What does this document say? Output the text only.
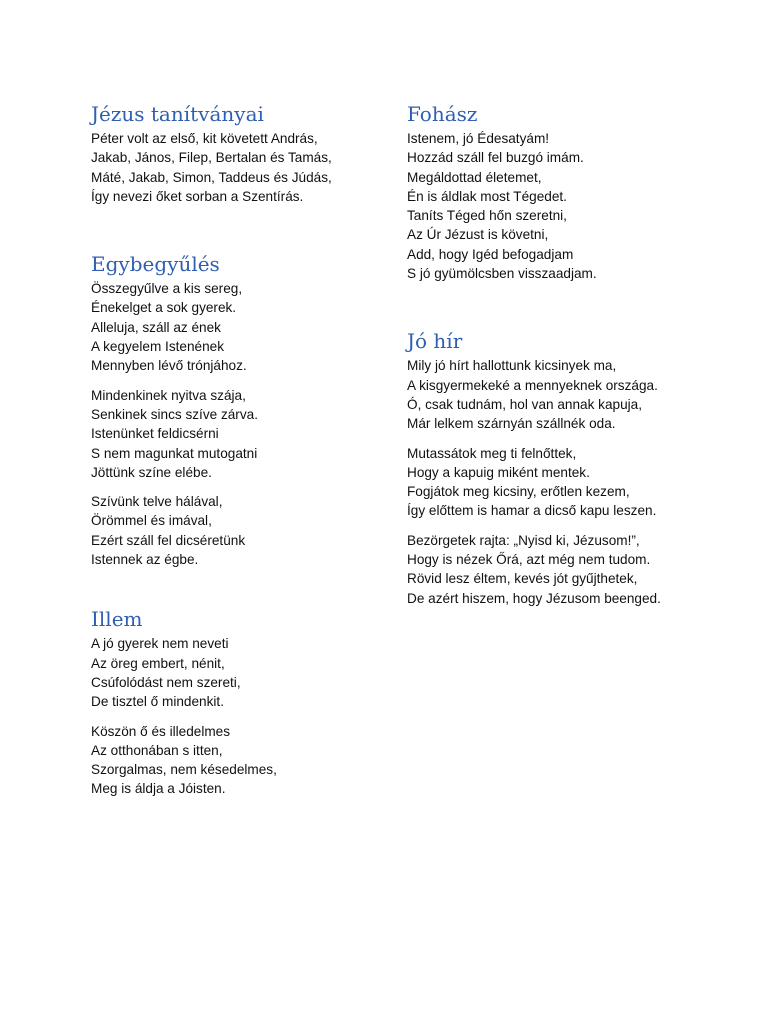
Jézus tanítványai
Péter volt az első, kit követett András,
Jakab, János, Filep, Bertalan és Tamás,
Máté, Jakab, Simon, Taddeus és Júdás,
Így nevezi őket sorban a Szentírás.
Egybegyűlés
Összegyűlve a kis sereg,
Énekelget a sok gyerek.
Alleluja, száll az ének
A kegyelem Istenének
Mennyben lévő trónjához.
Mindenkinek nyitva szája,
Senkinek sincs szíve zárva.
Istenünket feldicsérni
S nem magunkat mutogatni
Jöttünk színe elébe.
Szívünk telve hálával,
Örömmel és imával,
Ezért száll fel dicséretünk
Istennek az égbe.
Illem
A jó gyerek nem neveti
Az öreg embert, nénit,
Csúfolódást nem szereti,
De tisztel ő mindenkit.
Köszön ő és illedelmes
Az otthonában s itten,
Szorgalmas, nem késedelmes,
Meg is áldja a Jóisten.
Fohász
Istenem, jó Édesatyám!
Hozzád száll fel buzgó imám.
Megáldottad életemet,
Én is áldlak most Tégedet.
Taníts Téged hőn szeretni,
Az Úr Jézust is követni,
Add, hogy Igéd befogadjam
S jó gyümölcsben visszaadjam.
Jó hír
Mily jó hírt hallottunk kicsinyek ma,
A kisgyermekeké a mennyeknek országa.
Ó, csak tudnám, hol van annak kapuja,
Már lelkem szárnyán szállnék oda.
Mutassátok meg ti felnőttek,
Hogy a kapuig miként mentek.
Fogjátok meg kicsiny, erőtlen kezem,
Így előttem is hamar a dicső kapu leszen.
Bezörgetek rajta: „Nyisd ki, Jézusom!”,
Hogy is nézek Őrá, azt még nem tudom.
Rövid lesz éltem, kevés jót gyűjthetek,
De azért hiszem, hogy Jézusom beenged.
